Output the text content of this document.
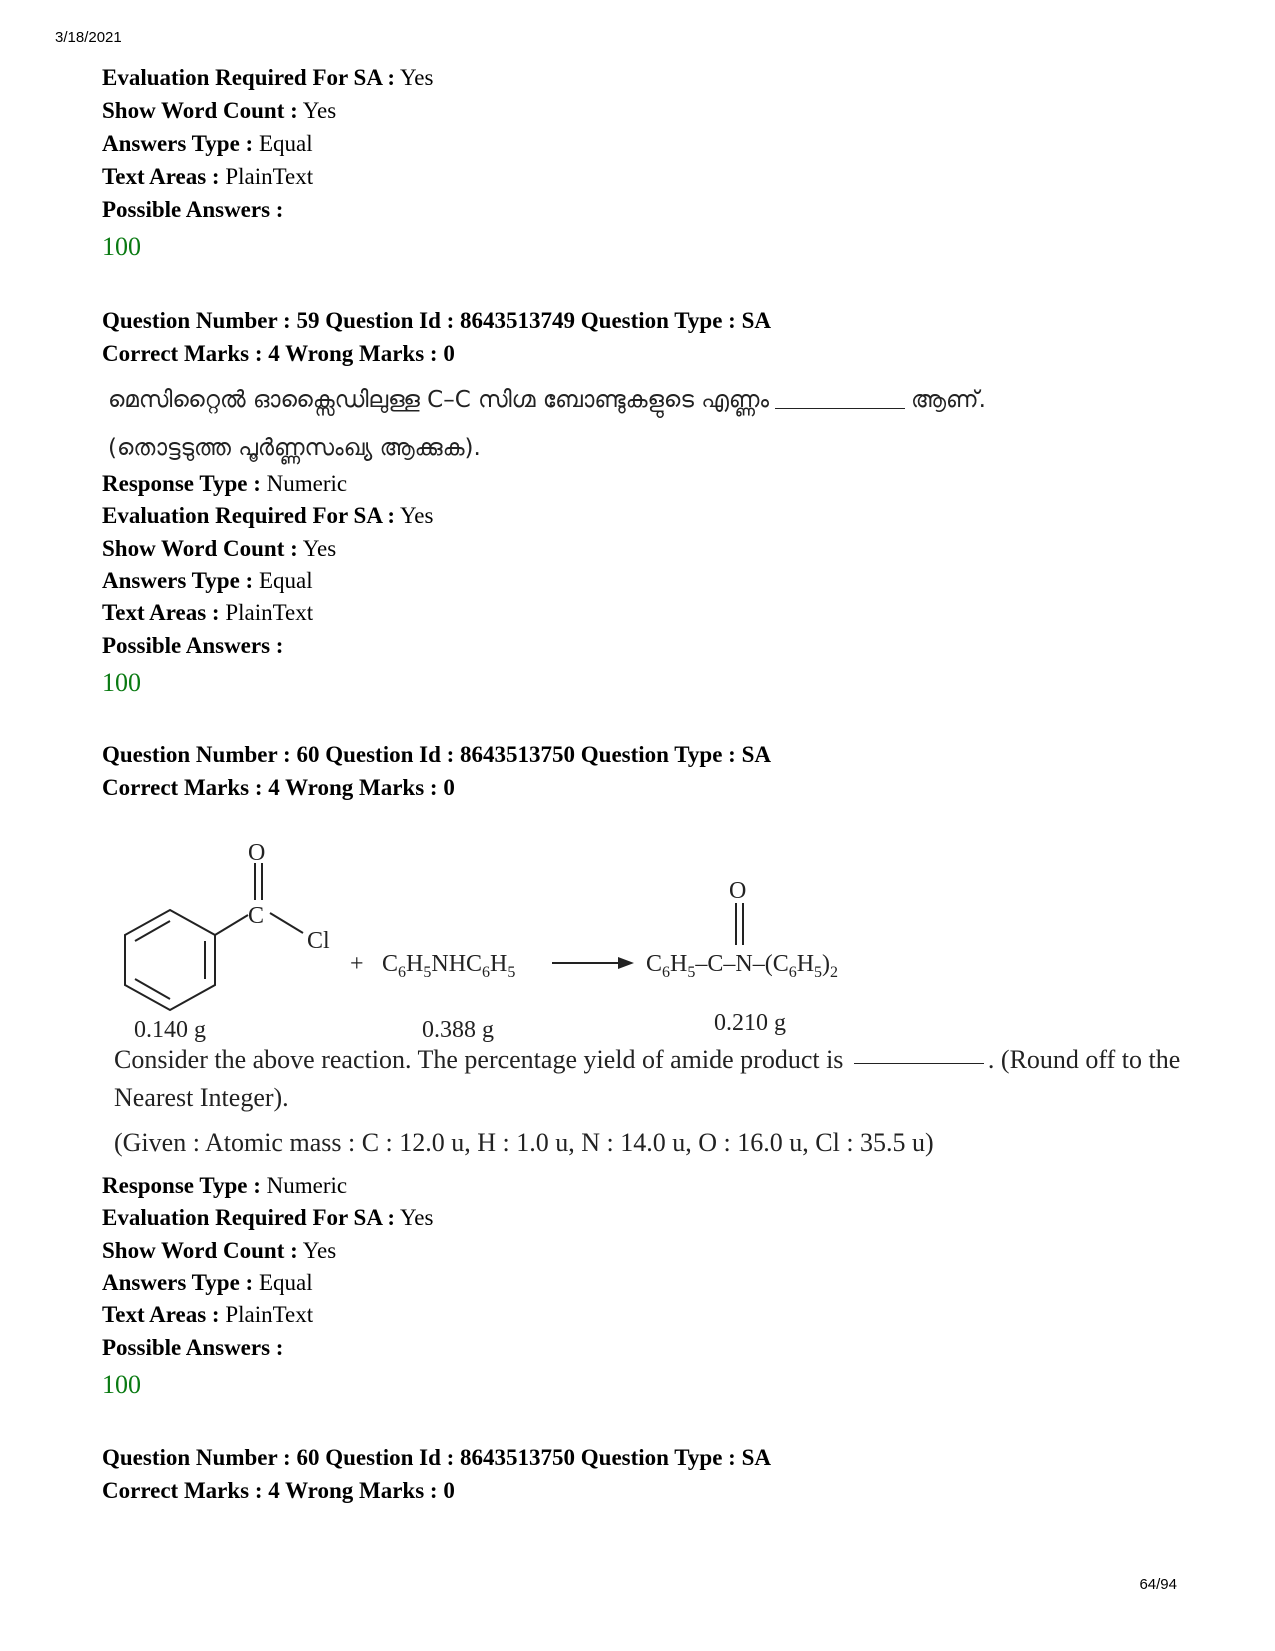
3/18/2021
Evaluation Required For SA : Yes
Show Word Count : Yes
Answers Type : Equal
Text Areas : PlainText
Possible Answers :
100
Question Number : 59 Question Id : 8643513749 Question Type : SA
Correct Marks : 4 Wrong Marks : 0
മെസിറ്റൈൽ ഓക്സൈഡിലുള്ള C–C സിഗ്മ ബോണ്ടുകളുടെ എണ്ണം	ആണ്.
(തൊട്ടടുത്ത പൂർണ്ണസംഖ്യ ആക്കുക).
Response Type : Numeric
Evaluation Required For SA : Yes
Show Word Count : Yes
Answers Type : Equal
Text Areas : PlainText
Possible Answers :
100
Question Number : 60 Question Id : 8643513750 Question Type : SA
Correct Marks : 4 Wrong Marks : 0
O
C
Cl
+ $C_6H_5NHC_6H_5$	$C_6H_5-C-N-(C_6H_5)_2$
O
0.140 g	0.388 g	0.210 g
Consider the above reaction. The percentage yield of amide product is	. (Round off to the Nearest Integer).
(Given : Atomic mass : C : 12.0 u, H : 1.0 u, N : 14.0 u, O : 16.0 u, Cl : 35.5 u)
Response Type : Numeric
Evaluation Required For SA : Yes
Show Word Count : Yes
Answers Type : Equal
Text Areas : PlainText
Possible Answers :
100
Question Number : 60 Question Id : 8643513750 Question Type : SA
Correct Marks : 4 Wrong Marks : 0
64/94
